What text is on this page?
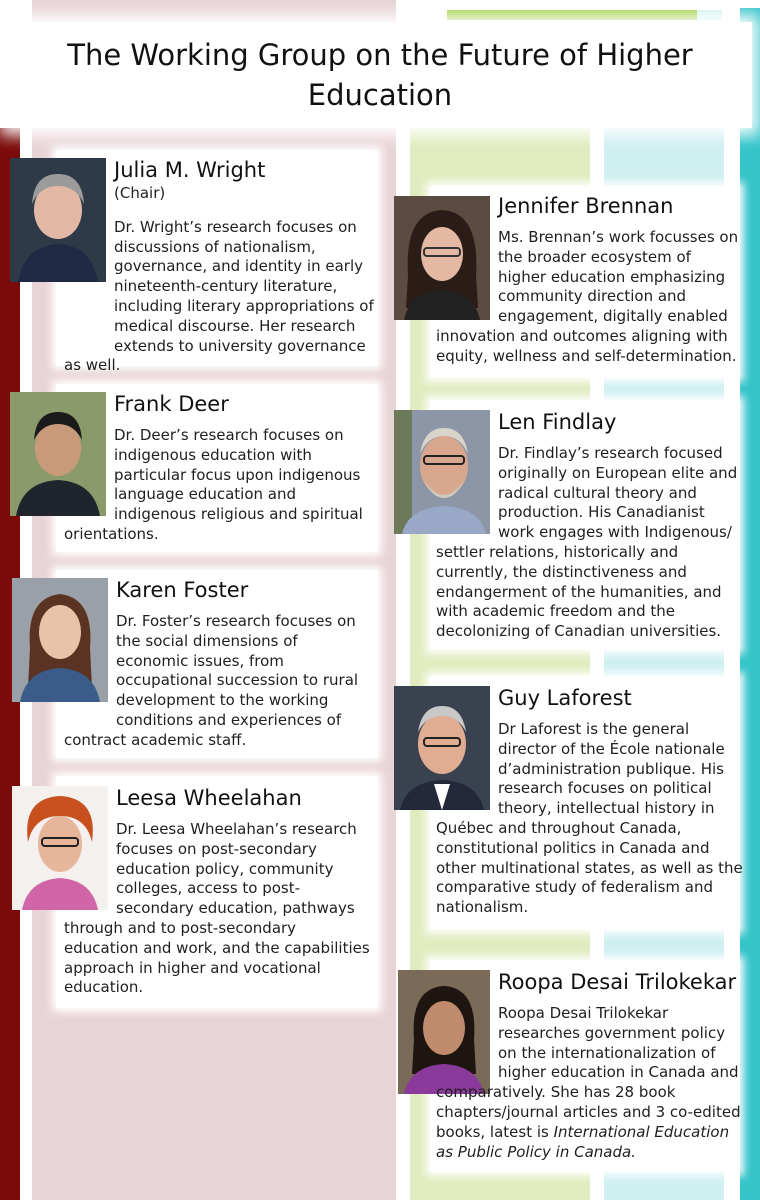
The Working Group on the Future of Higher Education
Julia M. Wright
(Chair)

Dr. Wright’s research focuses on discussions of nationalism, governance, and identity in early nineteenth-century literature, including literary appropriations of medical discourse. Her research extends to university governance as well.

Frank Deer

Dr. Deer’s research focuses on indigenous education with particular focus upon indigenous language education and indigenous religious and spiritual orientations.

Karen Foster

Dr. Foster’s research focuses on the social dimensions of economic issues, from occupational succession to rural development to the working conditions and experiences of contract academic staff.

Leesa Wheelahan

Dr. Leesa Wheelahan’s research focuses on post-secondary education policy, community colleges, access to post-secondary education, pathways through and to post-secondary education and work, and the capabilities approach in higher and vocational education.

Jennifer Brennan

Ms. Brennan’s work focusses on the broader ecosystem of higher education emphasizing community direction and engagement, digitally enabled innovation and outcomes aligning with equity, wellness and self-determination.

Len Findlay

Dr. Findlay’s research focused originally on European elite and radical cultural theory and production. His Canadianist work engages with Indigenous/ settler relations, historically and currently, the distinctiveness and endangerment of the humanities, and with academic freedom and the decolonizing of Canadian universities.

Guy Laforest

Dr Laforest is the general director of the École nationale d’administration publique. His research focuses on political theory, intellectual history in Québec and throughout Canada, constitutional politics in Canada and other multinational states, as well as the comparative study of federalism and nationalism.

Roopa Desai Trilokekar

Roopa Desai Trilokekar researches government policy on the internationalization of higher education in Canada and comparatively. She has 28 book chapters/journal articles and 3 co-edited books, latest is International Education as Public Policy in Canada.
